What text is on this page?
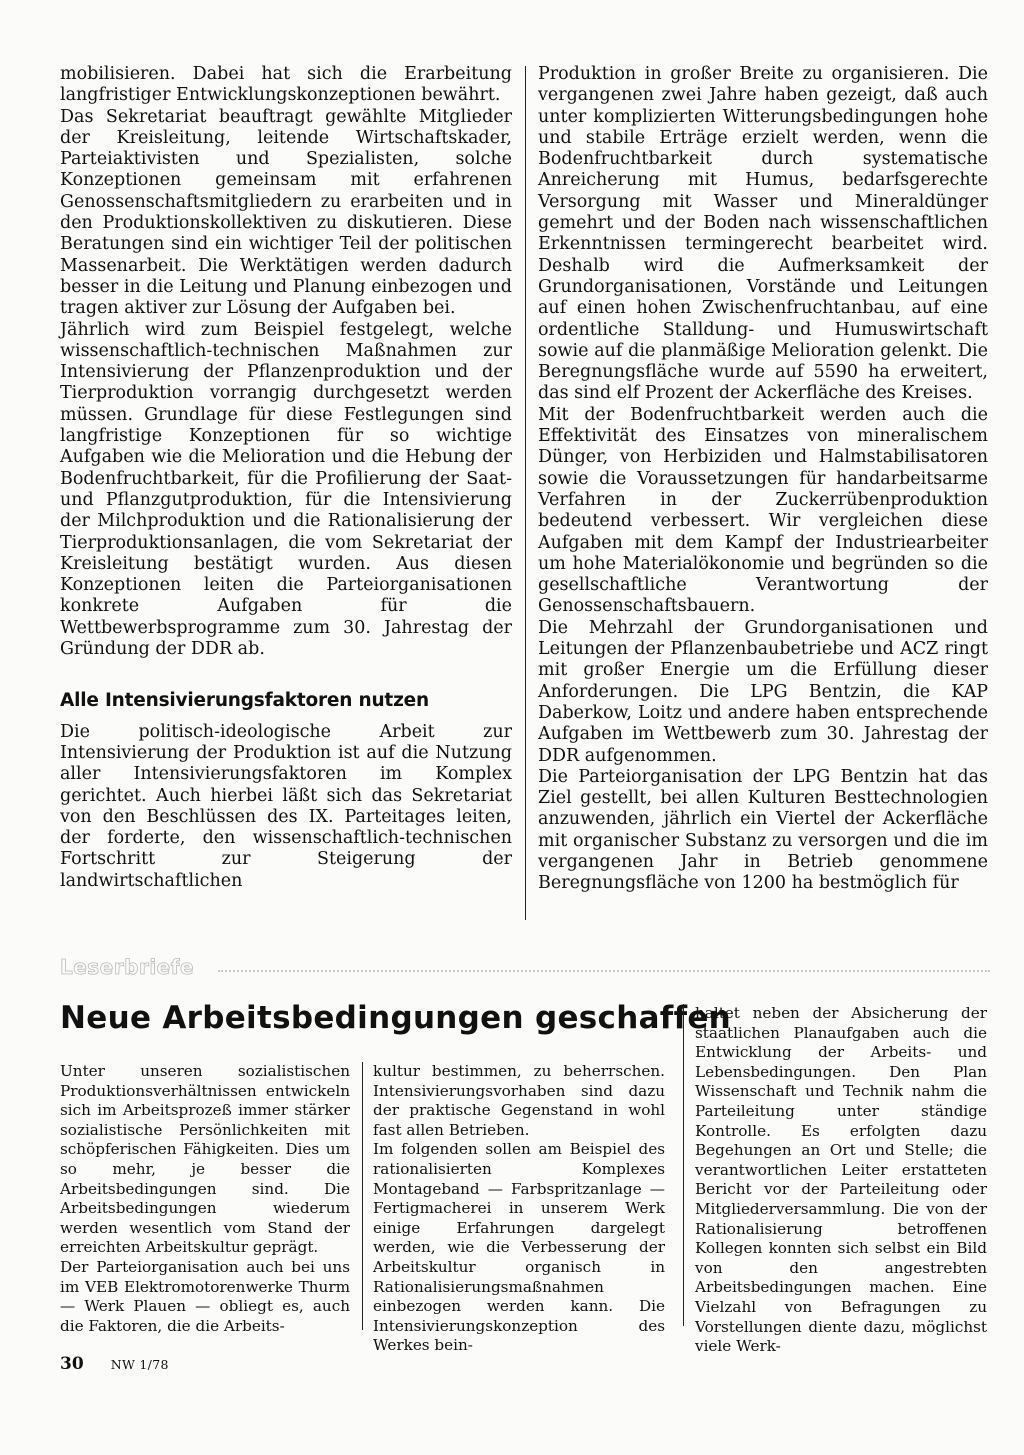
mobilisieren. Dabei hat sich die Erarbeitung langfristiger Entwicklungskonzeptionen bewährt.

Das Sekretariat beauftragt gewählte Mitglieder der Kreisleitung, leitende Wirtschaftskader, Parteiaktivisten und Spezialisten, solche Konzeptionen gemeinsam mit erfahrenen Genossenschaftsmitgliedern zu erarbeiten und in den Produktionskollektiven zu diskutieren. Diese Beratungen sind ein wichtiger Teil der politischen Massenarbeit. Die Werktätigen werden dadurch besser in die Leitung und Planung einbezogen und tragen aktiver zur Lösung der Aufgaben bei.

Jährlich wird zum Beispiel festgelegt, welche wissenschaftlich-technischen Maßnahmen zur Intensivierung der Pflanzenproduktion und der Tierproduktion vorrangig durchgesetzt werden müssen. Grundlage für diese Festlegungen sind langfristige Konzeptionen für so wichtige Aufgaben wie die Melioration und die Hebung der Bodenfruchtbarkeit, für die Profilierung der Saat- und Pflanzgutproduktion, für die Intensivierung der Milchproduktion und die Rationalisierung der Tierproduktionsanlagen, die vom Sekretariat der Kreisleitung bestätigt wurden. Aus diesen Konzeptionen leiten die Parteiorganisationen konkrete Aufgaben für die Wettbewerbsprogramme zum 30. Jahrestag der Gründung der DDR ab.

Alle Intensivierungsfaktoren nutzen

Die politisch-ideologische Arbeit zur Intensivierung der Produktion ist auf die Nutzung aller Intensivierungsfaktoren im Komplex gerichtet. Auch hierbei läßt sich das Sekretariat von den Beschlüssen des IX. Parteitages leiten, der forderte, den wissenschaftlich-technischen Fortschritt zur Steigerung der landwirtschaftlichen

Produktion in großer Breite zu organisieren. Die vergangenen zwei Jahre haben gezeigt, daß auch unter komplizierten Witterungsbedingungen hohe und stabile Erträge erzielt werden, wenn die Bodenfruchtbarkeit durch systematische Anreicherung mit Humus, bedarfsgerechte Versorgung mit Wasser und Mineraldünger gemehrt und der Boden nach wissenschaftlichen Erkenntnissen termingerecht bearbeitet wird. Deshalb wird die Aufmerksamkeit der Grundorganisationen, Vorstände und Leitungen auf einen hohen Zwischenfruchtanbau, auf eine ordentliche Stalldung- und Humuswirtschaft sowie auf die planmäßige Melioration gelenkt. Die Beregnungsfläche wurde auf 5590 ha erweitert, das sind elf Prozent der Ackerfläche des Kreises.

Mit der Bodenfruchtbarkeit werden auch die Effektivität des Einsatzes von mineralischem Dünger, von Herbiziden und Halmstabilisatoren sowie die Voraussetzungen für handarbeitsarme Verfahren in der Zuckerrübenproduktion bedeutend verbessert. Wir vergleichen diese Aufgaben mit dem Kampf der Industriearbeiter um hohe Materialökonomie und begründen so die gesellschaftliche Verantwortung der Genossenschaftsbauern.

Die Mehrzahl der Grundorganisationen und Leitungen der Pflanzenbaubetriebe und ACZ ringt mit großer Energie um die Erfüllung dieser Anforderungen. Die LPG Bentzin, die KAP Daberkow, Loitz und andere haben entsprechende Aufgaben im Wettbewerb zum 30. Jahrestag der DDR aufgenommen.

Die Parteiorganisation der LPG Bentzin hat das Ziel gestellt, bei allen Kulturen Besttechnologien anzuwenden, jährlich ein Viertel der Ackerfläche mit organischer Substanz zu versorgen und die im vergangenen Jahr in Betrieb genommene Beregnungsfläche von 1200 ha bestmöglich für

Leserbriefe
Neue Arbeitsbedingungen geschaffen

Unter unseren sozialistischen Produktionsverhältnissen entwickeln sich im Arbeitsprozeß immer stärker sozialistische Persönlichkeiten mit schöpferischen Fähigkeiten. Dies um so mehr, je besser die Arbeitsbedingungen sind. Die Arbeitsbedingungen wiederum werden wesentlich vom Stand der erreichten Arbeitskultur geprägt.

Der Parteiorganisation auch bei uns im VEB Elektromotorenwerke Thurm — Werk Plauen — obliegt es, auch die Faktoren, die die Arbeits-

kultur bestimmen, zu beherrschen. Intensivierungsvorhaben sind dazu der praktische Gegenstand in wohl fast allen Betrieben.

Im folgenden sollen am Beispiel des rationalisierten Komplexes Montageband — Farbspritzanlage — Fertigmacherei in unserem Werk einige Erfahrungen dargelegt werden, wie die Verbesserung der Arbeitskultur organisch in Rationalisierungsmaßnahmen einbezogen werden kann. Die Intensivierungskonzeption des Werkes bein-

haltet neben der Absicherung der staatlichen Planaufgaben auch die Entwicklung der Arbeits- und Lebensbedingungen. Den Plan Wissenschaft und Technik nahm die Parteileitung unter ständige Kontrolle. Es erfolgten dazu Begehungen an Ort und Stelle; die verantwortlichen Leiter erstatteten Bericht vor der Parteileitung oder Mitgliederversammlung. Die von der Rationalisierung betroffenen Kollegen konnten sich selbst ein Bild von den angestrebten Arbeitsbedingungen machen. Eine Vielzahl von Befragungen zu Vorstellungen diente dazu, möglichst viele Werk-

30 NW 1/78
